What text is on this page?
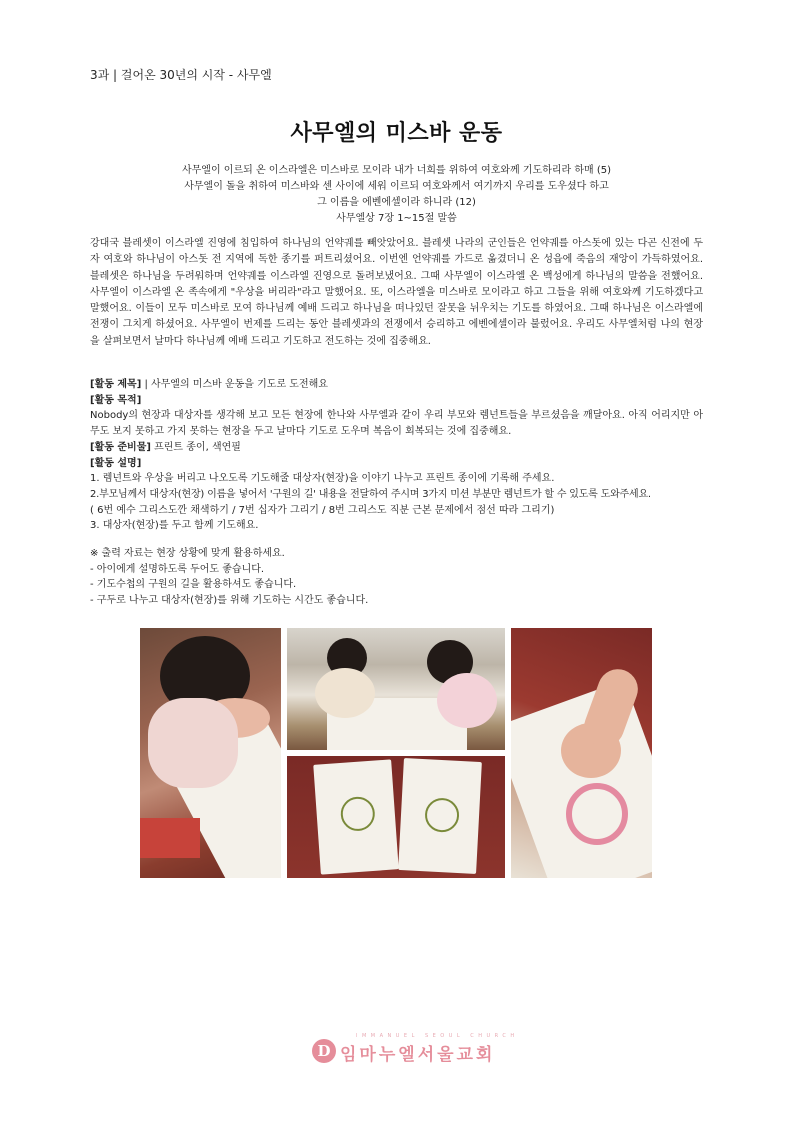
3과 | 걸어온 30년의 시작 - 사무엘
사무엘의 미스바 운동
사무엘이 이르되 온 이스라엘은 미스바로 모이라 내가 너희를 위하여 여호와께 기도하리라 하매 (5)
사무엘이 돌을 취하여 미스바와 센 사이에 세워 이르되 여호와께서 여기까지 우리를 도우셨다 하고
그 이름을 에벤에셀이라 하니라 (12)
사무엘상 7장 1~15절 말씀
강대국 블레셋이 이스라엘 진영에 침입하여 하나님의 언약궤를 빼앗았어요. 블레셋 나라의 군인들은 언약궤를 아스돗에 있는 다곤 신전에 두자 여호와 하나님이 아스돗 전 지역에 독한 종기를 퍼트리셨어요. 이번엔 언약궤를 가드로 옮겼더니 온 성읍에 죽음의 재앙이 가득하였어요. 블레셋은 하나님을 두려워하며 언약궤를 이스라엘 진영으로 돌려보냈어요. 그때 사무엘이 이스라엘 온 백성에게 하나님의 말씀을 전했어요. 사무엘이 이스라엘 온 족속에게 "우상을 버리라"라고 말했어요. 또, 이스라엘을 미스바로 모이라고 하고 그들을 위해 여호와께 기도하겠다고 말했어요. 이들이 모두 미스바로 모여 하나님께 예배 드리고 하나님을 떠나있던 잘못을 뉘우치는 기도를 하였어요. 그때 하나님은 이스라엘에 전쟁이 그치게 하셨어요. 사무엘이 번제를 드리는 동안 블레셋과의 전쟁에서 승리하고 에벤에셀이라 불렀어요. 우리도 사무엘처럼 나의 현장을 살펴보면서 날마다 하나님께 예배 드리고 기도하고 전도하는 것에 집중해요.
[활동 제목] | 사무엘의 미스바 운동을 기도로 도전해요
[활동 목적]
Nobody의 현장과 대상자를 생각해 보고 모든 현장에 한나와 사무엘과 같이 우리 부모와 렘넌트들을 부르셨음을 깨달아요. 아직 어리지만 아무도 보지 못하고 가지 못하는 현장을 두고 날마다 기도로 도우며 복음이 회복되는 것에 집중해요.
[활동 준비물] 프린트 종이, 색연필
[활동 설명]
1. 렘넌트와 우상을 버리고 나오도록 기도해줄 대상자(현장)을 이야기 나누고 프린트 종이에 기록해 주세요.
2.부모님께서 대상자(현장) 이름을 넣어서 '구원의 길' 내용을 전달하여 주시며 3가지 미션 부분만 렘넌트가 할 수 있도록 도와주세요.
( 6번 예수 그리스도깐 채색하기 / 7번 십자가 그리기 / 8번 그리스도 직분 근본 문제에서 점선 따라 그리기)
3. 대상자(현장)를 두고 함께 기도해요.
※ 출력 자료는 현장 상황에 맞게 활용하세요.
- 아이에게 설명하도록 두어도 좋습니다.
- 기도수첩의 구원의 길을 활용하셔도 좋습니다.
- 구두로 나누고 대상자(현장)를 위해 기도하는 시간도 좋습니다.
D
IMMANUEL SEOUL CHURCH
임마누엘서울교회
